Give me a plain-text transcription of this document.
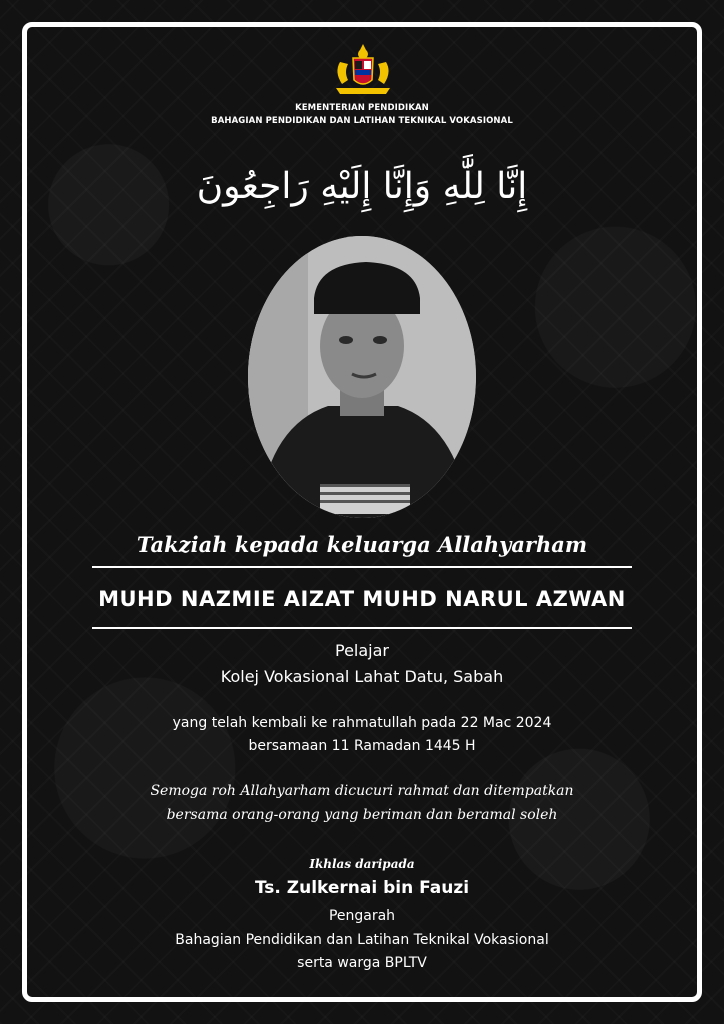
KEMENTERIAN PENDIDIKAN
BAHAGIAN PENDIDIKAN DAN LATIHAN TEKNIKAL VOKASIONAL
إِنَّا لِلَّٰهِ وَإِنَّا إِلَيْهِ رَاجِعُونَ
Takziah kepada keluarga Allahyarham
MUHD NAZMIE AIZAT MUHD NARUL AZWAN
Pelajar
Kolej Vokasional Lahat Datu, Sabah
yang telah kembali ke rahmatullah pada 22 Mac 2024
bersamaan 11 Ramadan 1445 H
Semoga roh Allahyarham dicucuri rahmat dan ditempatkan
bersama orang-orang yang beriman dan beramal soleh
Ikhlas daripada
Ts. Zulkernai bin Fauzi
Pengarah
Bahagian Pendidikan dan Latihan Teknikal Vokasional
serta warga BPLTV
